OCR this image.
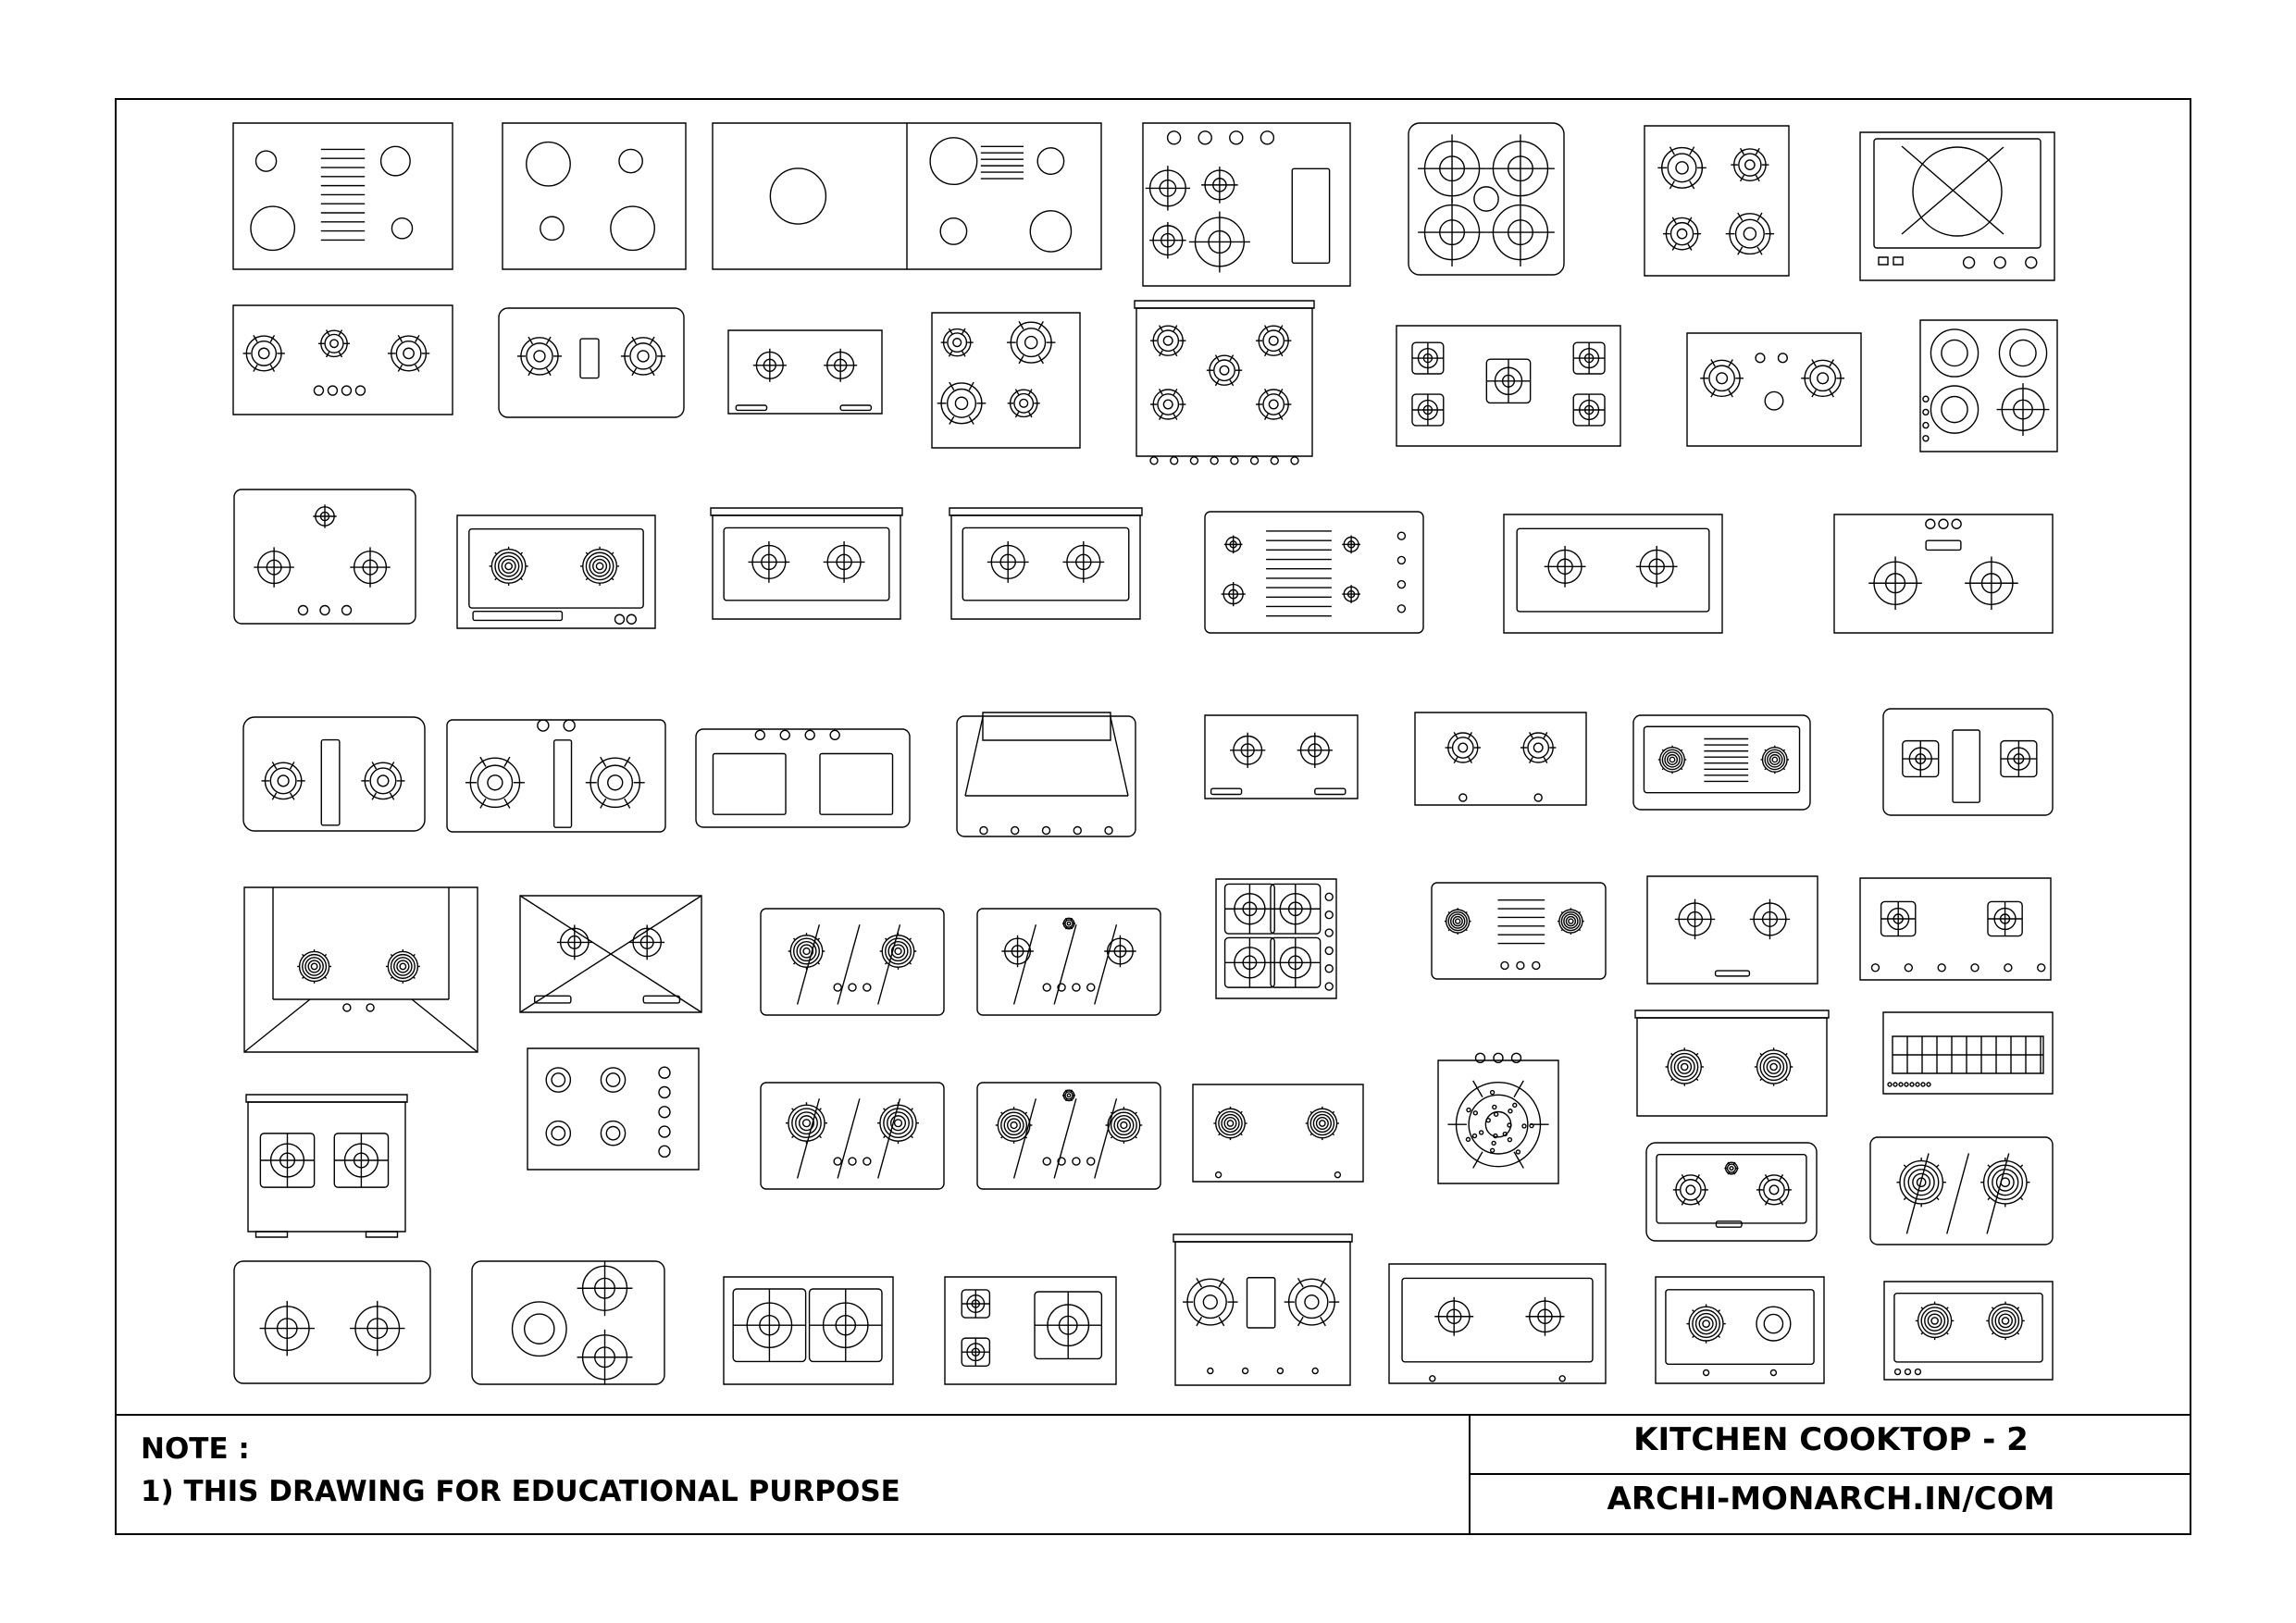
NOTE :
1) THIS DRAWING FOR EDUCATIONAL PURPOSE
KITCHEN COOKTOP - 2
ARCHI-MONARCH.IN/COM
